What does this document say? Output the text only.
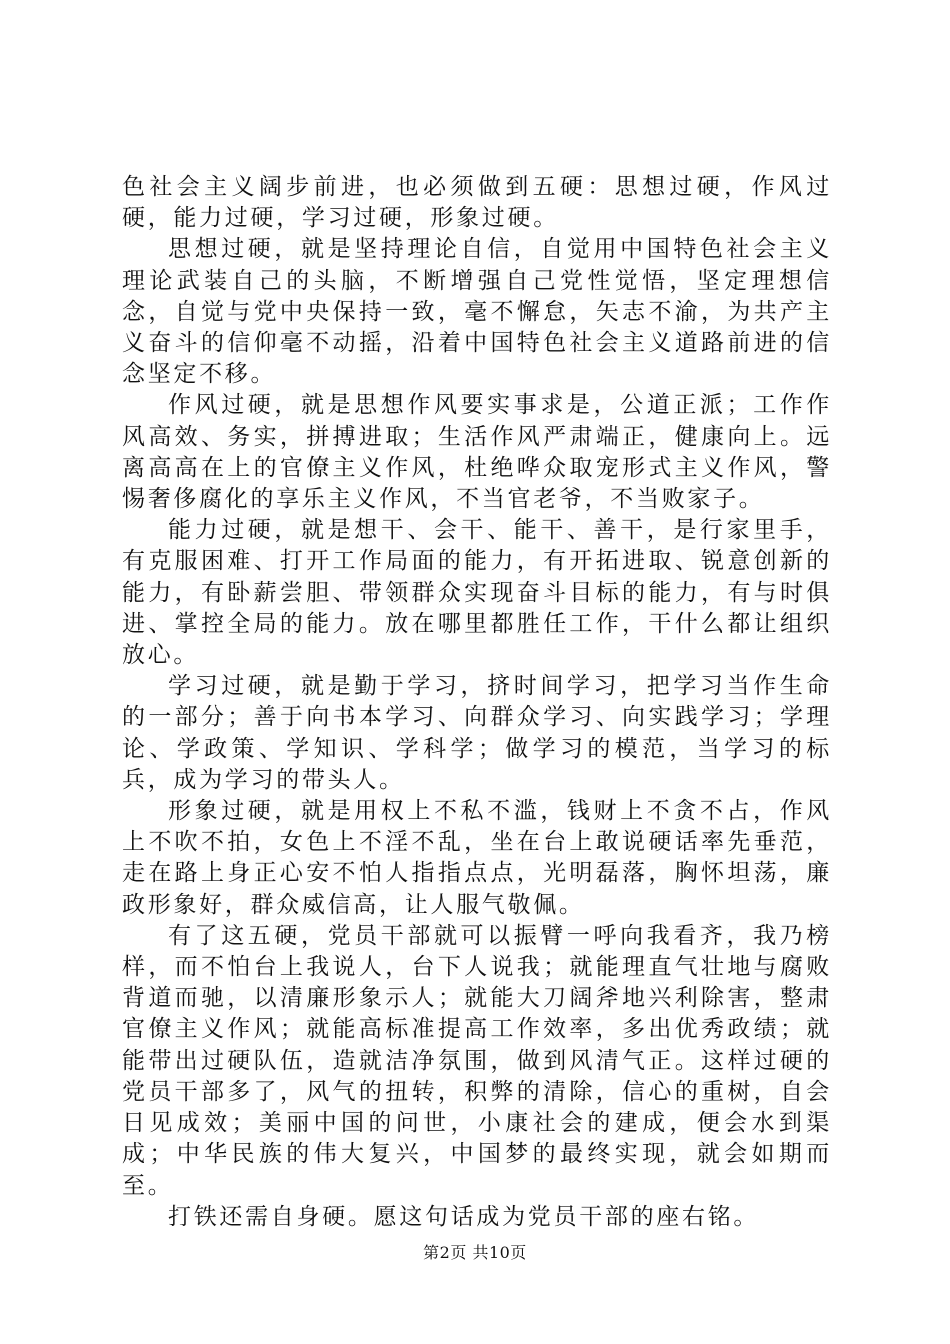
色社会主义阔步前进，也必须做到五硬：思想过硬，作风过硬，能力过硬，学习过硬，形象过硬。

思想过硬，就是坚持理论自信，自觉用中国特色社会主义理论武装自己的头脑，不断增强自己党性觉悟，坚定理想信念，自觉与党中央保持一致，毫不懈怠，矢志不渝，为共产主义奋斗的信仰毫不动摇，沿着中国特色社会主义道路前进的信念坚定不移。

作风过硬，就是思想作风要实事求是，公道正派；工作作风高效、务实，拼搏进取；生活作风严肃端正，健康向上。远离高高在上的官僚主义作风，杜绝哗众取宠形式主义作风，警惕奢侈腐化的享乐主义作风，不当官老爷，不当败家子。

能力过硬，就是想干、会干、能干、善干，是行家里手，有克服困难、打开工作局面的能力，有开拓进取、锐意创新的能力，有卧薪尝胆、带领群众实现奋斗目标的能力，有与时俱进、掌控全局的能力。放在哪里都胜任工作，干什么都让组织放心。

学习过硬，就是勤于学习，挤时间学习，把学习当作生命的一部分；善于向书本学习、向群众学习、向实践学习；学理论、学政策、学知识、学科学；做学习的模范，当学习的标兵，成为学习的带头人。

形象过硬，就是用权上不私不滥，钱财上不贪不占，作风上不吹不拍，女色上不淫不乱，坐在台上敢说硬话率先垂范，走在路上身正心安不怕人指指点点，光明磊落，胸怀坦荡，廉政形象好，群众威信高，让人服气敬佩。

有了这五硬，党员干部就可以振臂一呼向我看齐，我乃榜样，而不怕台上我说人，台下人说我；就能理直气壮地与腐败背道而驰，以清廉形象示人；就能大刀阔斧地兴利除害，整肃官僚主义作风；就能高标准提高工作效率，多出优秀政绩；就能带出过硬队伍，造就洁净氛围，做到风清气正。这样过硬的党员干部多了，风气的扭转，积弊的清除，信心的重树，自会日见成效；美丽中国的问世，小康社会的建成，便会水到渠成；中华民族的伟大复兴，中国梦的最终实现，就会如期而至。

打铁还需自身硬。愿这句话成为党员干部的座右铭。

第2页 共10页
